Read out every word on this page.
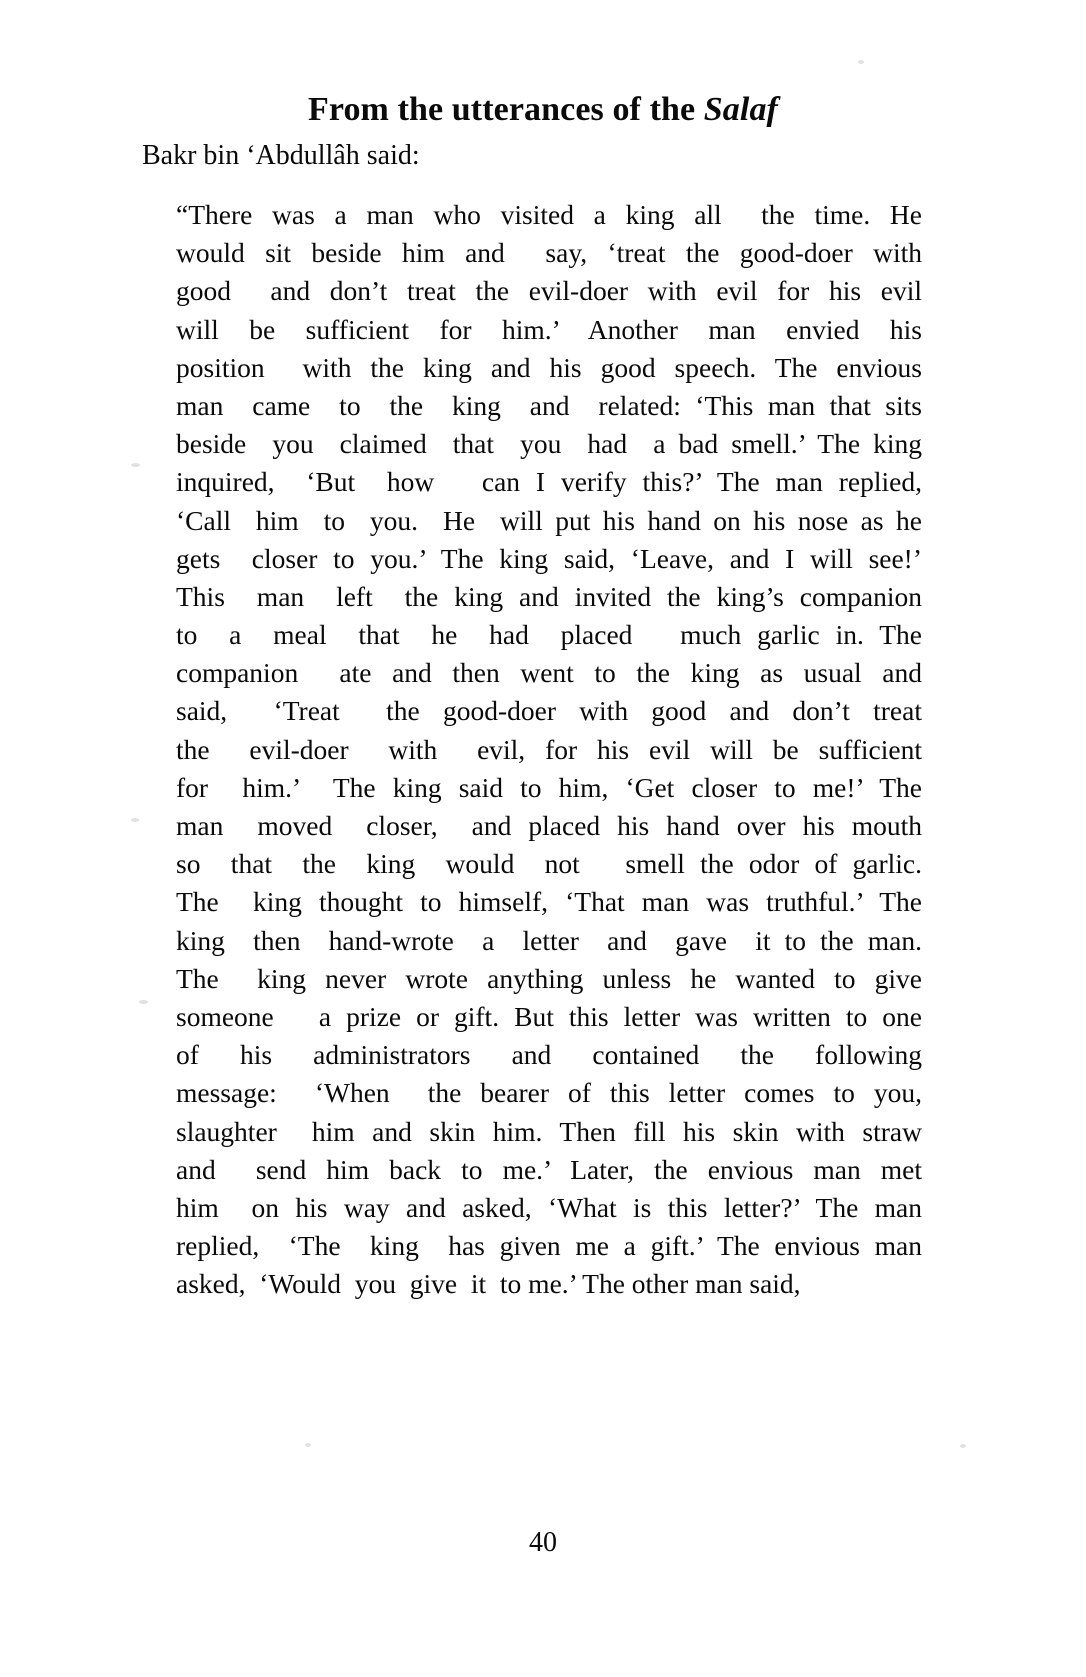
From the utterances of the Salaf
Bakr bin ‘Abdullâh said:
“There was a man who visited a king all  the time. He
would sit beside him and  say, ‘treat the good-doer with
good  and don’t treat the evil-doer with evil for his evil
will  be  sufficient  for  him.’  Another  man  envied  his
position  with the king and his good speech. The envious
man  came  to  the  king  and  related: ‘This man that sits
beside  you  claimed  that  you  had  a bad smell.’ The king
inquired,  ‘But  how   can I verify this?’ The man replied,
‘Call  him  to  you.  He  will put his hand on his nose as he
gets  closer to you.’ The king said, ‘Leave, and I will see!’
This  man  left  the king and invited the king’s companion
to  a  meal  that  he  had  placed   much garlic in. The
companion  ate and then went to the king as usual and
said,  ‘Treat  the good-doer with good and don’t treat
the  evil-doer  with  evil, for his evil will be sufficient
for  him.’  The king said to him, ‘Get closer to me!’ The
man  moved  closer,  and placed his hand over his mouth
so  that  the  king  would  not   smell the odor of garlic.
The  king thought to himself, ‘That man was truthful.’ The
king  then  hand-wrote  a  letter  and  gave  it to the man.
The  king never wrote anything unless he wanted to give
someone   a prize or gift. But this letter was written to one
of  his  administrators  and  contained  the  following
message:  ‘When  the bearer of this letter comes to you,
slaughter  him and skin him. Then fill his skin with straw
and  send him back to me.’ Later, the envious man met
him  on his way and asked, ‘What is this letter?’ The man
replied,  ‘The  king  has given me a gift.’ The envious man
asked,  ‘Would  you  give  it  to me.’ The other man said,
40
